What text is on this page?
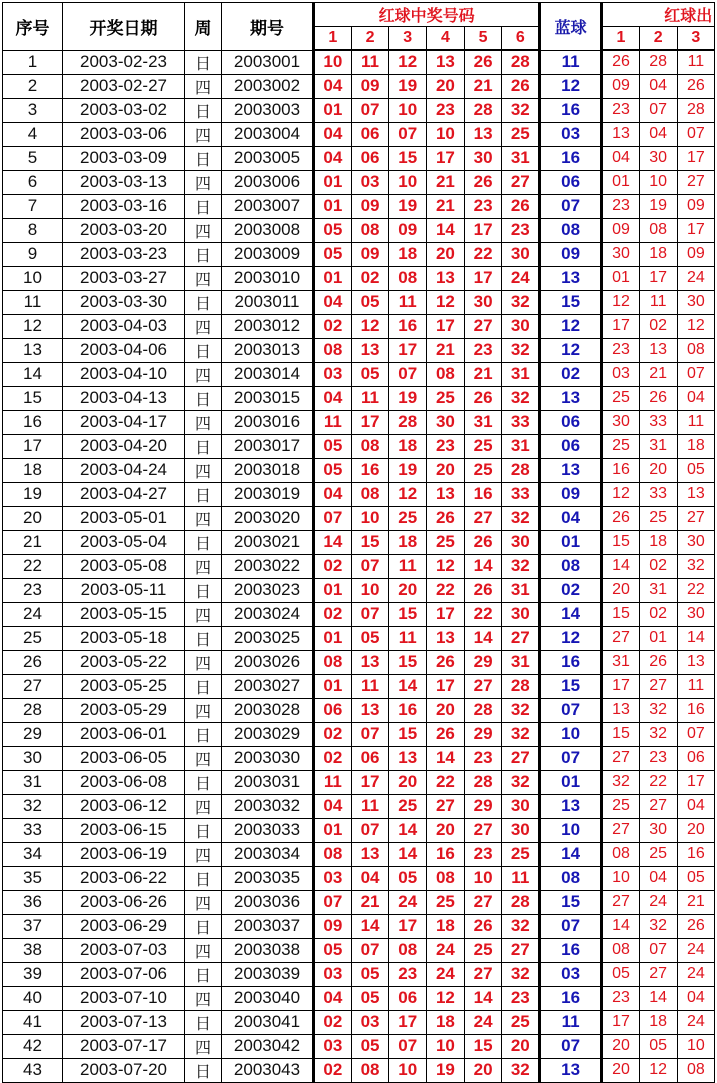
序号	开奖日期	周	期号	红球中奖号码						蓝球	红球出		
				1	2	3	4	5	6		1	2	3
1	2003-02-23	日	2003001	10	11	12	13	26	28	11	26	28	11
2	2003-02-27	四	2003002	04	09	19	20	21	26	12	09	04	26
3	2003-03-02	日	2003003	01	07	10	23	28	32	16	23	07	28
4	2003-03-06	四	2003004	04	06	07	10	13	25	03	13	04	07
5	2003-03-09	日	2003005	04	06	15	17	30	31	16	04	30	17
6	2003-03-13	四	2003006	01	03	10	21	26	27	06	01	10	27
7	2003-03-16	日	2003007	01	09	19	21	23	26	07	23	19	09
8	2003-03-20	四	2003008	05	08	09	14	17	23	08	09	08	17
9	2003-03-23	日	2003009	05	09	18	20	22	30	09	30	18	09
10	2003-03-27	四	2003010	01	02	08	13	17	24	13	01	17	24
11	2003-03-30	日	2003011	04	05	11	12	30	32	15	12	11	30
12	2003-04-03	四	2003012	02	12	16	17	27	30	12	17	02	12
13	2003-04-06	日	2003013	08	13	17	21	23	32	12	23	13	08
14	2003-04-10	四	2003014	03	05	07	08	21	31	02	03	21	07
15	2003-04-13	日	2003015	04	11	19	25	26	32	13	25	26	04
16	2003-04-17	四	2003016	11	17	28	30	31	33	06	30	33	11
17	2003-04-20	日	2003017	05	08	18	23	25	31	06	25	31	18
18	2003-04-24	四	2003018	05	16	19	20	25	28	13	16	20	05
19	2003-04-27	日	2003019	04	08	12	13	16	33	09	12	33	13
20	2003-05-01	四	2003020	07	10	25	26	27	32	04	26	25	27
21	2003-05-04	日	2003021	14	15	18	25	26	30	01	15	18	30
22	2003-05-08	四	2003022	02	07	11	12	14	32	08	14	02	32
23	2003-05-11	日	2003023	01	10	20	22	26	31	02	20	31	22
24	2003-05-15	四	2003024	02	07	15	17	22	30	14	15	02	30
25	2003-05-18	日	2003025	01	05	11	13	14	27	12	27	01	14
26	2003-05-22	四	2003026	08	13	15	26	29	31	16	31	26	13
27	2003-05-25	日	2003027	01	11	14	17	27	28	15	17	27	11
28	2003-05-29	四	2003028	06	13	16	20	28	32	07	13	32	16
29	2003-06-01	日	2003029	02	07	15	26	29	32	10	15	32	07
30	2003-06-05	四	2003030	02	06	13	14	23	27	07	27	23	06
31	2003-06-08	日	2003031	11	17	20	22	28	32	01	32	22	17
32	2003-06-12	四	2003032	04	11	25	27	29	30	13	25	27	04
33	2003-06-15	日	2003033	01	07	14	20	27	30	10	27	30	20
34	2003-06-19	四	2003034	08	13	14	16	23	25	14	08	25	16
35	2003-06-22	日	2003035	03	04	05	08	10	11	08	10	04	05
36	2003-06-26	四	2003036	07	21	24	25	27	28	15	27	24	21
37	2003-06-29	日	2003037	09	14	17	18	26	32	07	14	32	26
38	2003-07-03	四	2003038	05	07	08	24	25	27	16	08	07	24
39	2003-07-06	日	2003039	03	05	23	24	27	32	03	05	27	24
40	2003-07-10	四	2003040	04	05	06	12	14	23	16	23	14	04
41	2003-07-13	日	2003041	02	03	17	18	24	25	11	17	18	24
42	2003-07-17	四	2003042	03	05	07	10	15	20	07	20	05	10
43	2003-07-20	日	2003043	02	08	10	19	20	32	13	20	12	08
